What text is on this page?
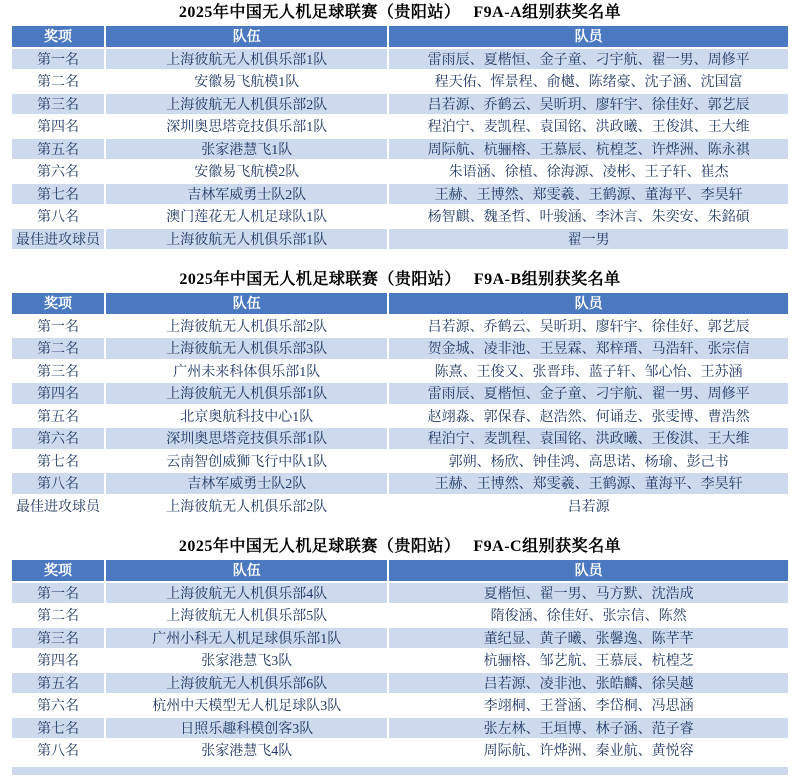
2025年中国无人机足球联赛（贵阳站）　 F9A-A组别获奖名单
奖项	队伍	队员
第一名	上海彼航无人机俱乐部1队	雷雨辰、夏楷恒、金子童、刁宇航、翟一男、周修平
第二名	安徽易飞航模1队	程天佑、恽景程、俞樾、陈绪豪、沈子涵、沈国富
第三名	上海彼航无人机俱乐部2队	吕若源、乔鹤云、吴昕玥、廖轩宇、徐佳好、郭艺辰
第四名	深圳奥思塔竞技俱乐部1队	程泊宁、麦凯程、袁国铭、洪政曦、王俊淇、王大维
第五名	张家港慧飞1队	周际航、杭骊榕、王慕辰、杭楻芝、许烨洲、陈永祺
第六名	安徽易飞航模2队	朱语涵、徐植、徐海源、凌彬、王子轩、崔杰
第七名	吉林军威勇士队2队	王赫、王博然、郑雯羲、王鹤源、董海平、李昊轩
第八名	澳门莲花无人机足球队1队	杨智麒、魏圣哲、叶骏涵、李沐言、朱奕安、朱銘碩
最佳进攻球员	上海彼航无人机俱乐部1队	翟一男
2025年中国无人机足球联赛（贵阳站）　 F9A-B组别获奖名单
奖项	队伍	队员
第一名	上海彼航无人机俱乐部2队	吕若源、乔鹤云、吴昕玥、廖轩宇、徐佳好、郭艺辰
第二名	上海彼航无人机俱乐部3队	贺金城、凌非池、王昱霖、郑梓瑨、马浩轩、张宗信
第三名	广州未来科体俱乐部1队	陈熹、王俊又、张晋玮、蓝子轩、邹心怡、王苏涵
第四名	上海彼航无人机俱乐部1队	雷雨辰、夏楷恒、金子童、刁宇航、翟一男、周修平
第五名	北京奥航科技中心1队	赵翊淼、郭保春、赵浩然、何诵赱、张雯博、曹浩然
第六名	深圳奥思塔竞技俱乐部1队	程泊宁、麦凯程、袁国铭、洪政曦、王俊淇、王大维
第七名	云南智创威狮飞行中队1队	郭朔、杨欣、钟佳鸿、高思诺、杨瑜、彭己书
第八名	吉林军威勇士队2队	王赫、王博然、郑雯羲、王鹤源、董海平、李昊轩
最佳进攻球员	上海彼航无人机俱乐部2队	吕若源
2025年中国无人机足球联赛（贵阳站）　 F9A-C组别获奖名单
奖项	队伍	队员
第一名	上海彼航无人机俱乐部4队	夏楷恒、翟一男、马方默、沈浩成
第二名	上海彼航无人机俱乐部5队	隋俊涵、徐佳好、张宗信、陈然
第三名	广州小科无人机足球俱乐部1队	董纪显、黄子曦、张馨逸、陈芊芊
第四名	张家港慧飞3队	杭骊榕、邹艺航、王慕辰、杭楻芝
第五名	上海彼航无人机俱乐部6队	吕若源、凌非池、张皓麟、徐吴越
第六名	杭州中天模型无人机足球队3队	李翊桐、王誉涵、李岱桐、冯思涵
第七名	日照乐趣科模创客3队	张左林、王垣博、林子涵、范子睿
第八名	张家港慧飞4队	周际航、许烨洲、秦业航、黄悦容
